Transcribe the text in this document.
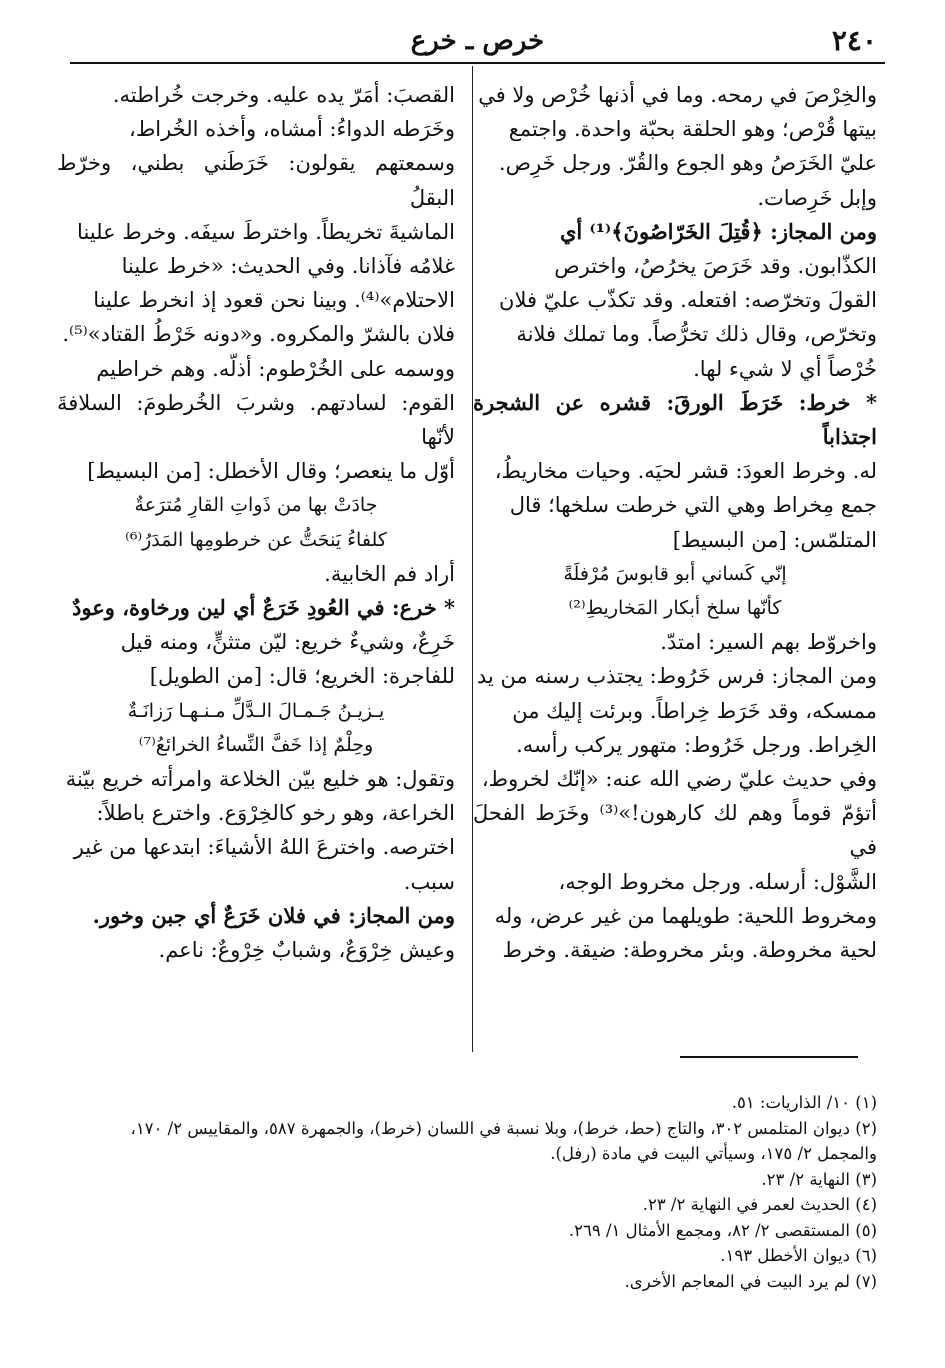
٢٤٠
خرص ـ خرع

والخِرْصَ في رمحه. وما في أذنها خُرْص ولا في

بيتها قُرْص؛ وهو الحلقة بحبّة واحدة. واجتمع

عليّ الخَرَصُ وهو الجوع والقُرّ. ورجل خَرِص.

وإبل خَرِصات.

ومن المجاز: ﴿قُتِلَ الخَرّاصُونَ﴾⁽¹⁾ أي

الكذّابون. وقد خَرَصَ يخرُصُ، واخترص

القولَ وتخرّصه: افتعله. وقد تكذّب عليّ فلان

وتخرّص، وقال ذلك تخرُّصاً. وما تملك فلانة

خُرْصاً أي لا شيء لها.

* خرط: خَرَطَ الورقَ: قشره عن الشجرة اجتذاباً

له. وخرط العودَ: قشر لحيَه. وحيات مخاريطُ،

جمع مِخراط وهي التي خرطت سلخها؛ قال

المتلمّس: [من البسيط]

إنّي كَساني أبو قابوسَ مُرْفلَةً

كأنّها سلخ أبكار المَخاريطِ⁽²⁾

واخروّط بهم السير: امتدّ.

ومن المجاز: فرس خَرُوط: يجتذب رسنه من يد

ممسكه، وقد خَرَط خِراطاً. وبرئت إليك من

الخِراط. ورجل خَرُوط: متهور يركب رأسه.

وفي حديث عليّ رضي الله عنه: «إنّك لخروط،

أتؤمّ قوماً وهم لك كارهون!»⁽³⁾ وخَرَط الفحلَ في

الشَّوْل: أرسله. ورجل مخروط الوجه،

ومخروط اللحية: طويلهما من غير عرض، وله

لحية مخروطة. وبئر مخروطة: ضيقة. وخرط

القصبَ: أمَرّ يده عليه. وخرجت خُراطته.

وخَرَطه الدواءُ: أمشاه، وأخذه الخُراط،

وسمعتهم يقولون: خَرَطَني بطني، وخرّط البقلُ

الماشيةَ تخريطاً. واخترطَ سيفَه. وخرط علينا

غلامُه فآذانا. وفي الحديث: «خرط علينا

الاحتلام»⁽⁴⁾. وبينا نحن قعود إذ انخرط علينا

فلان بالشرّ والمكروه. و«دونه خَرْطُ القتاد»⁽⁵⁾.

ووسمه على الخُرْطوم: أذلّه. وهم خراطيم

القوم: لسادتهم. وشربَ الخُرطومَ: السلافةَ لأنّها

أوّل ما ينعصر؛ وقال الأخطل: [من البسيط]

جادَتْ بها من ذَواتِ القارِ مُترَعةٌ

كلفاءُ يَنحَتُّ عن خرطومِها المَدَرُ⁽⁶⁾

أراد فم الخابية.

* خرع: في العُودِ خَرَعٌ أي لين ورخاوة، وعودٌ

خَرِعٌ، وشيءٌ خريع: ليّن متثنٍّ، ومنه قيل

للفاجرة: الخريع؛ قال: [من الطويل]

يـزيـنُ جَـمـالَ الـدَّلِّ مـنـهـا رَزانَـةٌ

وحِلْمٌ إذا خَفَّ النِّساءُ الخرائعُ⁽⁷⁾

وتقول: هو خليع بيّن الخلاعة وامرأته خريع بيّنة

الخراعة، وهو رخو كالخِرْوَع. واخترع باطلاً:

اخترصه. واخترعَ اللهُ الأشياءَ: ابتدعها من غير

سبب.

ومن المجاز: في فلان خَرَعٌ أي جبن وخور.

وعيش خِرْوَعٌ، وشبابٌ خِرْوعٌ: ناعم.

(١) ١٠/ الذاريات: ٥١.

(٢) ديوان المتلمس ٣٠٢، والتاج (حط، خرط)، وبلا نسبة في اللسان (خرط)، والجمهرة ٥٨٧، والمقاييس ٢/ ١٧٠،

والمجمل ٢/ ١٧٥، وسيأتي البيت في مادة (رفل).

(٣) النهاية ٢/ ٢٣.

(٤) الحديث لعمر في النهاية ٢/ ٢٣.

(٥) المستقصى ٢/ ٨٢، ومجمع الأمثال ١/ ٢٦٩.

(٦) ديوان الأخطل ١٩٣.

(٧) لم يرد البيت في المعاجم الأخرى.
